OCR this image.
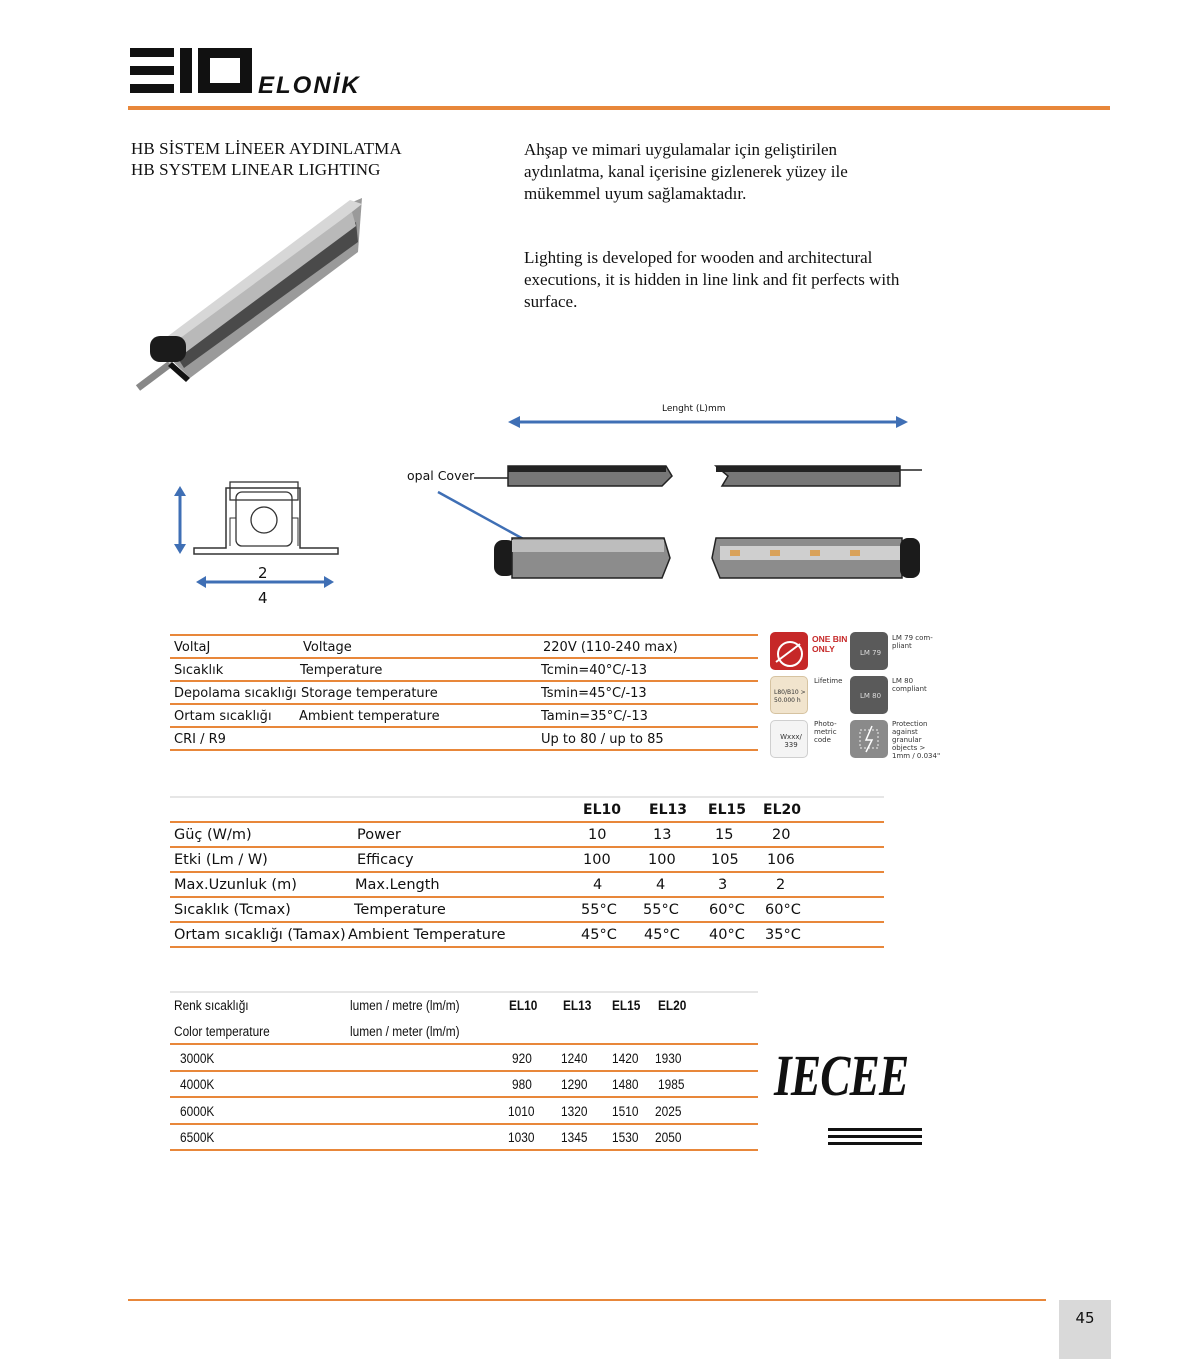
ELONİK
HB SİSTEM LİNEER AYDINLATMA
HB SYSTEM LINEAR LIGHTING
Ahşap ve mimari uygulamalar için geliştirilen aydınlatma, kanal içerisine gizlenerek yüzey ile mükemmel uyum sağlamaktadır.
Lighting is developed for wooden and architectural executions, it is hidden in line link and fit perfects with surface.
2
4
Lenght (L)mm
opal Cover
VoltaJ	Voltage	220V (110-240 max)
Sıcaklık	Temperature	Tcmin=40°C/-13
Depolama sıcaklığı Storage temperature	Tsmin=45°C/-13
Ortam sıcaklığı Ambient temperature	Tamin=35°C/-13
CRI / R9	Up to 80 / up to 85
ONE BIN ONLY	LM 79
LM 79 com-pliant
L80/B10 > 50.000 h
Lifetime
LM 80
LM 80 compliant
Wxxx/ 339
Photo-metric code
Protection against granular objects > 1mm / 0.034"
EL10 EL13 EL15 EL20
Güç (W/m)	Power	10	13	15	20
Etki (Lm / W)	Efficacy	100	100 105 106
Max.Uzunluk (m)	Max.Length	4	4	3	2
Sıcaklık (Tcmax)	Temperature	55°C 55°C 60°C 60°C
Ortam sıcaklığı (Tamax) Ambient Temperature	45°C 45°C 40°C 35°C
Renk sıcaklığı
Color temperature
lumen / metre (lm/m)
lumen / meter (lm/m)
EL10 EL13 EL15 EL20
3000K	920 1240 1420 1930
4000K	980 1290 1480 1985
6000K	1010 1320 1510 2025
6500K	1030 1345 1530 2050
IECEE
45
